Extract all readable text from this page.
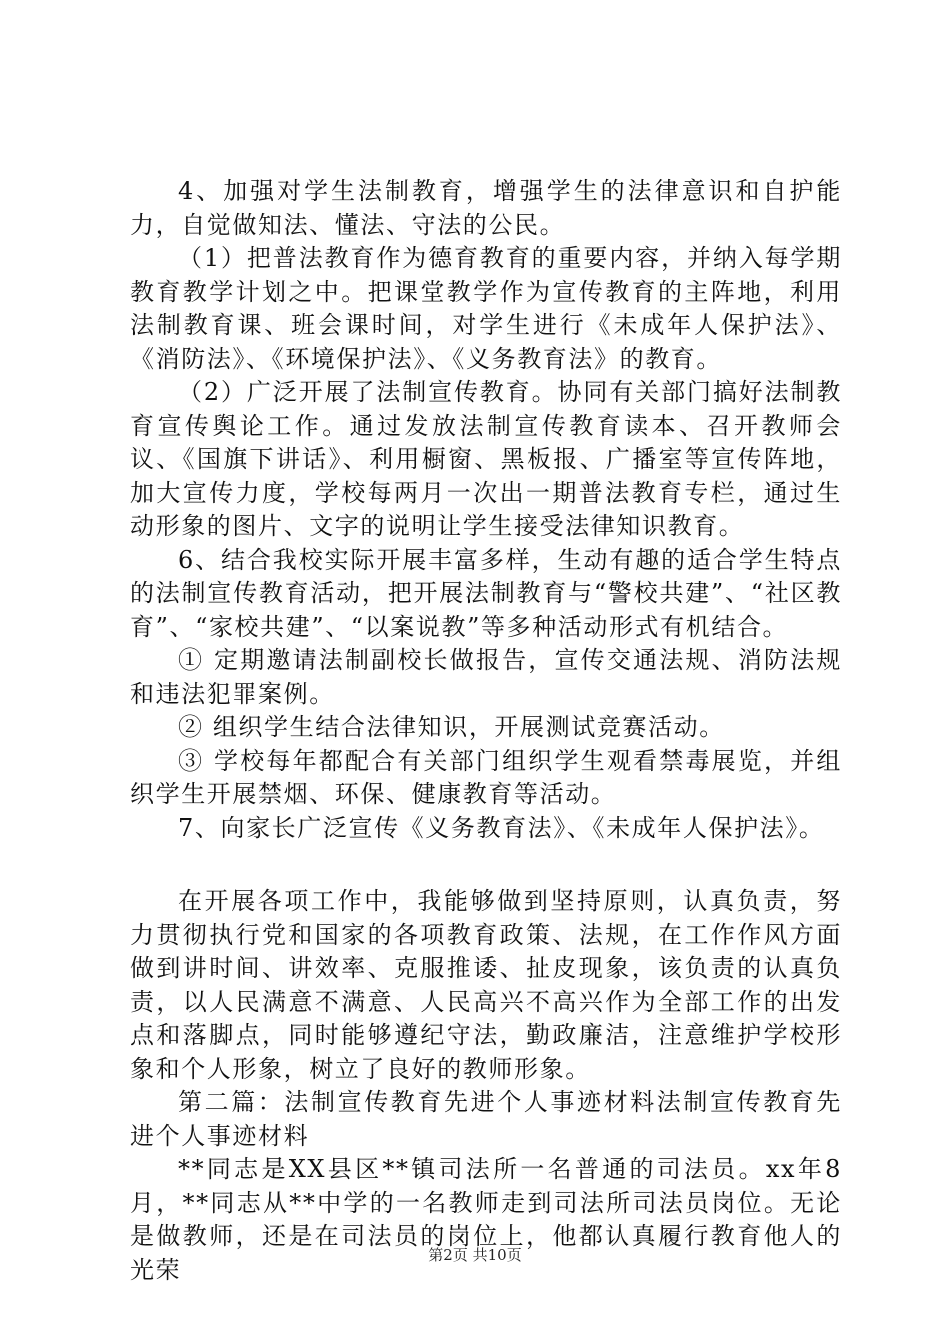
4、加强对学生法制教育，增强学生的法律意识和自护能力，自觉做知法、懂法、守法的公民。

（1）把普法教育作为德育教育的重要内容，并纳入每学期教育教学计划之中。把课堂教学作为宣传教育的主阵地，利用法制教育课、班会课时间，对学生进行《未成年人保护法》、《消防法》、《环境保护法》、《义务教育法》的教育。

（2）广泛开展了法制宣传教育。协同有关部门搞好法制教育宣传舆论工作。通过发放法制宣传教育读本、召开教师会议、《国旗下讲话》、利用橱窗、黑板报、广播室等宣传阵地，加大宣传力度，学校每两月一次出一期普法教育专栏，通过生动形象的图片、文字的说明让学生接受法律知识教育。

6、结合我校实际开展丰富多样，生动有趣的适合学生特点的法制宣传教育活动，把开展法制教育与“警校共建”、“社区教育”、“家校共建”、“以案说教”等多种活动形式有机结合。

① 定期邀请法制副校长做报告，宣传交通法规、消防法规和违法犯罪案例。

② 组织学生结合法律知识，开展测试竞赛活动。

③ 学校每年都配合有关部门组织学生观看禁毒展览，并组织学生开展禁烟、环保、健康教育等活动。

7、向家长广泛宣传《义务教育法》、《未成年人保护法》。

在开展各项工作中，我能够做到坚持原则，认真负责，努力贯彻执行党和国家的各项教育政策、法规，在工作作风方面做到讲时间、讲效率、克服推诿、扯皮现象，该负责的认真负责，以人民满意不满意、人民高兴不高兴作为全部工作的出发点和落脚点，同时能够遵纪守法，勤政廉洁，注意维护学校形象和个人形象，树立了良好的教师形象。

第二篇：法制宣传教育先进个人事迹材料法制宣传教育先进个人事迹材料

**同志是XX县区**镇司法所一名普通的司法员。xx年8月，**同志从**中学的一名教师走到司法所司法员岗位。无论是做教师，还是在司法员的岗位上，他都认真履行教育他人的光荣

第2页 共10页
